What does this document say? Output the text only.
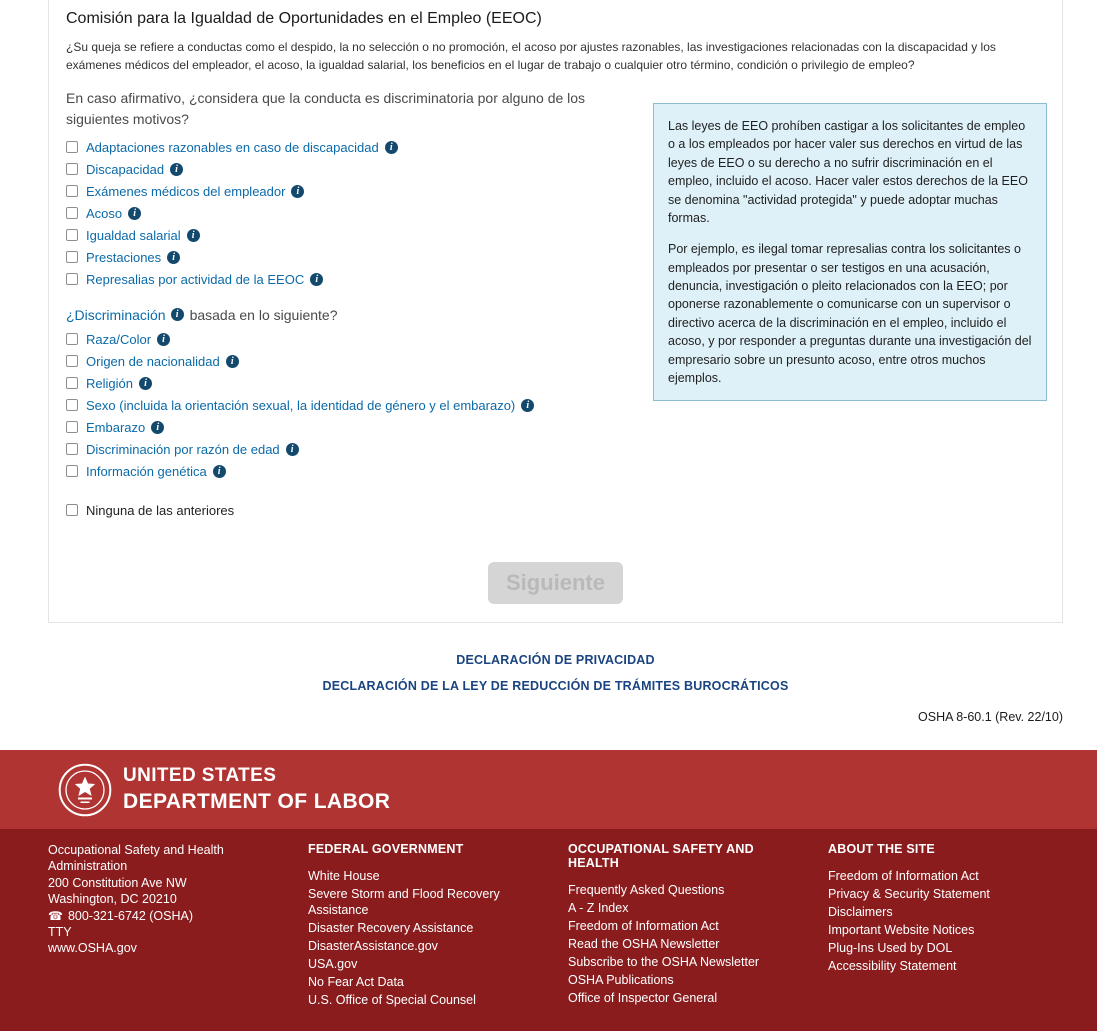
Comisión para la Igualdad de Oportunidades en el Empleo (EEOC)

¿Su queja se refiere a conductas como el despido, la no selección o no promoción, el acoso por ajustes razonables, las investigaciones relacionadas con la discapacidad y los exámenes médicos del empleador, el acoso, la igualdad salarial, los beneficios en el lugar de trabajo o cualquier otro término, condición o privilegio de empleo?

En caso afirmativo, ¿considera que la conducta es discriminatoria por alguno de los siguientes motivos?

Adaptaciones razonables en caso de discapacidad
i
Discapacidad
i
Exámenes médicos del empleador
i
Acoso
i
Igualdad salarial
i
Prestaciones
i
Represalias por actividad de la EEOC
i
¿Discriminación i basada en lo siguiente?
Raza/Color
i
Origen de nacionalidad
i
Religión
i
Sexo (incluida la orientación sexual, la identidad de género y el embarazo)
i
Embarazo
i
Discriminación por razón de edad
i
Información genética
i
Ninguna de las anteriores
Siguiente

Las leyes de EEO prohíben castigar a los solicitantes de empleo o a los empleados por hacer valer sus derechos en virtud de las leyes de EEO o su derecho a no sufrir discriminación en el empleo, incluido el acoso. Hacer valer estos derechos de la EEO se denomina "actividad protegida" y puede adoptar muchas formas.

Por ejemplo, es ilegal tomar represalias contra los solicitantes o empleados por presentar o ser testigos en una acusación, denuncia, investigación o pleito relacionados con la EEO; por oponerse razonablemente o comunicarse con un supervisor o directivo acerca de la discriminación en el empleo, incluido el acoso, y por responder a preguntas durante una investigación del empresario sobre un presunto acoso, entre otros muchos ejemplos.

DECLARACIÓN DE PRIVACIDAD
DECLARACIÓN DE LA LEY DE REDUCCIÓN DE TRÁMITES BUROCRÁTICOS
OSHA 8-60.1 (Rev. 22/10)
UNITED STATES
DEPARTMENT OF LABOR
Occupational Safety and Health Administration
200 Constitution Ave NW
Washington, DC 20210
☎
800-321-6742 (OSHA)
TTY
www.OSHA.gov
FEDERAL GOVERNMENT
White House
Severe Storm and Flood Recovery Assistance
Disaster Recovery Assistance
DisasterAssistance.gov
USA.gov
No Fear Act Data
U.S. Office of Special Counsel
OCCUPATIONAL SAFETY AND HEALTH
Frequently Asked Questions
A - Z Index
Freedom of Information Act
Read the OSHA Newsletter
Subscribe to the OSHA Newsletter
OSHA Publications
Office of Inspector General
ABOUT THE SITE
Freedom of Information Act
Privacy & Security Statement
Disclaimers
Important Website Notices
Plug-Ins Used by DOL
Accessibility Statement
